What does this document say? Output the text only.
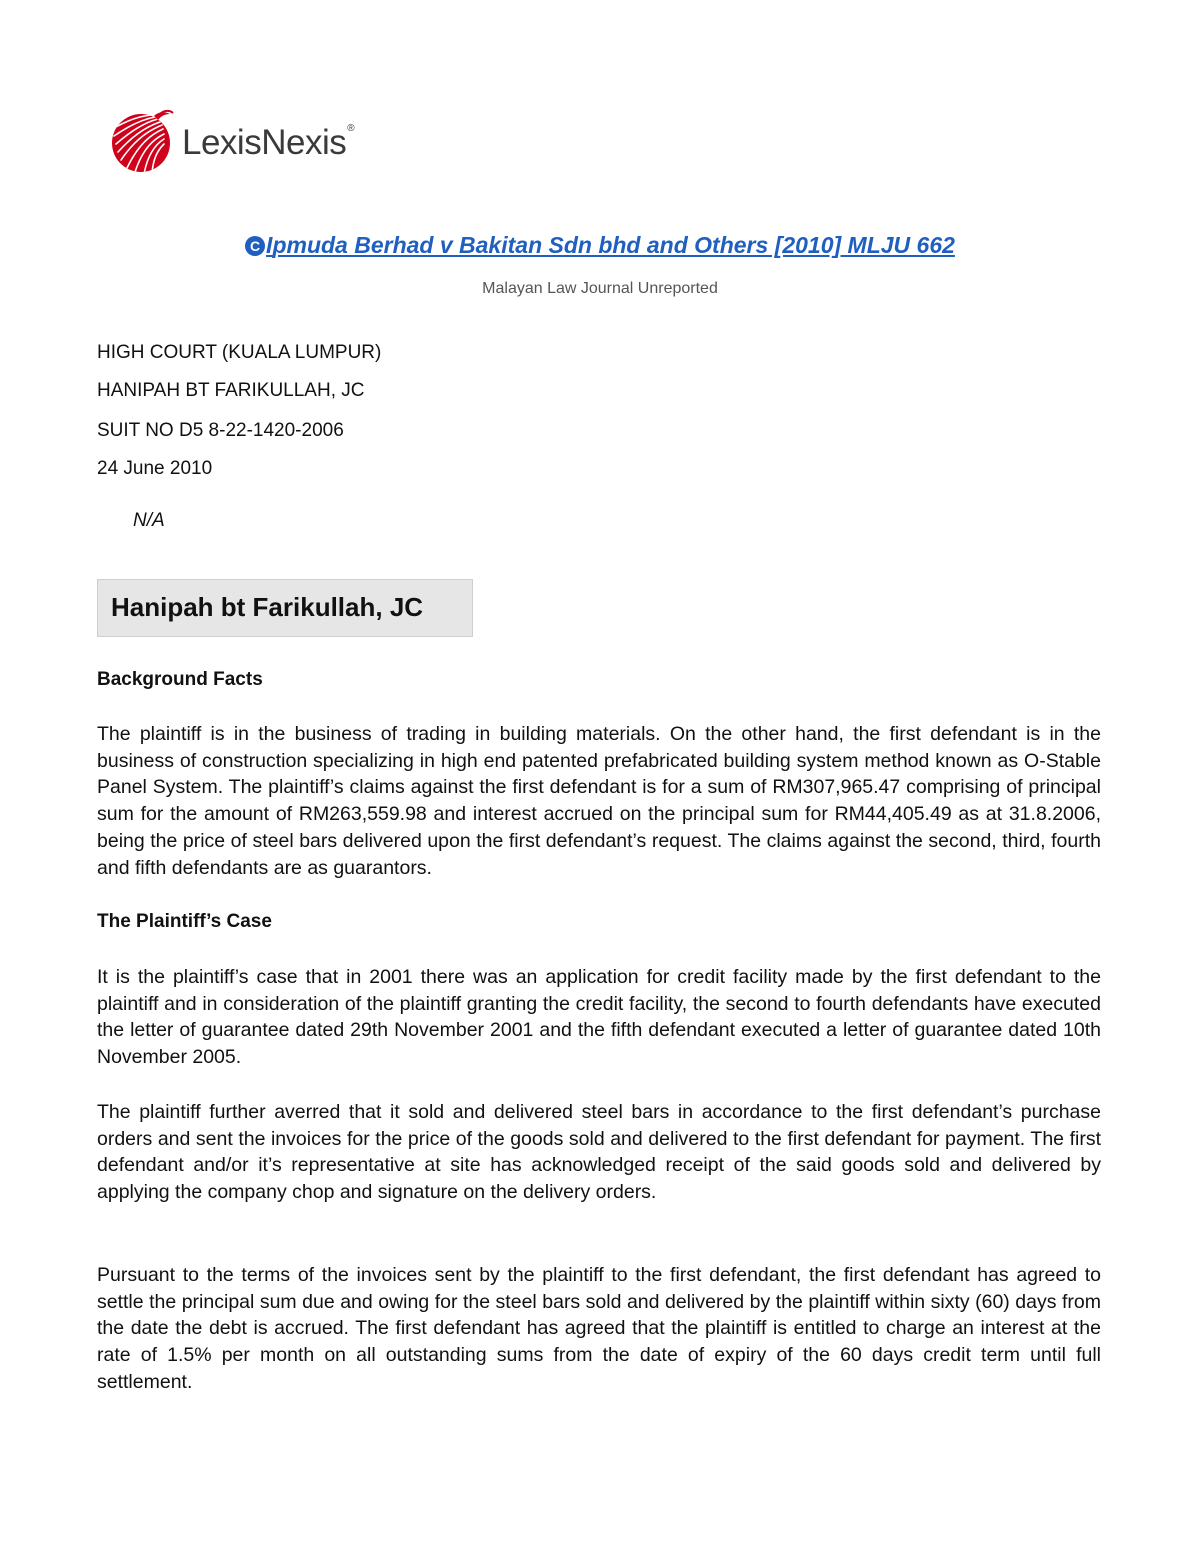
LexisNexis®
C Ipmuda Berhad v Bakitan Sdn bhd and Others [2010] MLJU 662
Malayan Law Journal Unreported
HIGH COURT (KUALA LUMPUR)
HANIPAH BT FARIKULLAH, JC
SUIT NO D5 8-22-1420-2006
24 June 2010
N/A
Hanipah bt Farikullah, JC
Background Facts
The plaintiff is in the business of trading in building materials. On the other hand, the first defendant is in the business of construction specializing in high end patented prefabricated building system method known as O-Stable Panel System. The plaintiff’s claims against the first defendant is for a sum of RM307,965.47 comprising of principal sum for the amount of RM263,559.98 and interest accrued on the principal sum for RM44,405.49 as at 31.8.2006, being the price of steel bars delivered upon the first defendant’s request. The claims against the second, third, fourth and fifth defendants are as guarantors.
The Plaintiff’s Case
It is the plaintiff’s case that in 2001 there was an application for credit facility made by the first defendant to the plaintiff and in consideration of the plaintiff granting the credit facility, the second to fourth defendants have executed the letter of guarantee dated 29th November 2001 and the fifth defendant executed a letter of guarantee dated 10th November 2005.
The plaintiff further averred that it sold and delivered steel bars in accordance to the first defendant’s purchase orders and sent the invoices for the price of the goods sold and delivered to the first defendant for payment. The first defendant and/or it’s representative at site has acknowledged receipt of the said goods sold and delivered by applying the company chop and signature on the delivery orders.
Pursuant to the terms of the invoices sent by the plaintiff to the first defendant, the first defendant has agreed to settle the principal sum due and owing for the steel bars sold and delivered by the plaintiff within sixty (60) days from the date the debt is accrued. The first defendant has agreed that the plaintiff is entitled to charge an interest at the rate of 1.5% per month on all outstanding sums from the date of expiry of the 60 days credit term until full settlement.
